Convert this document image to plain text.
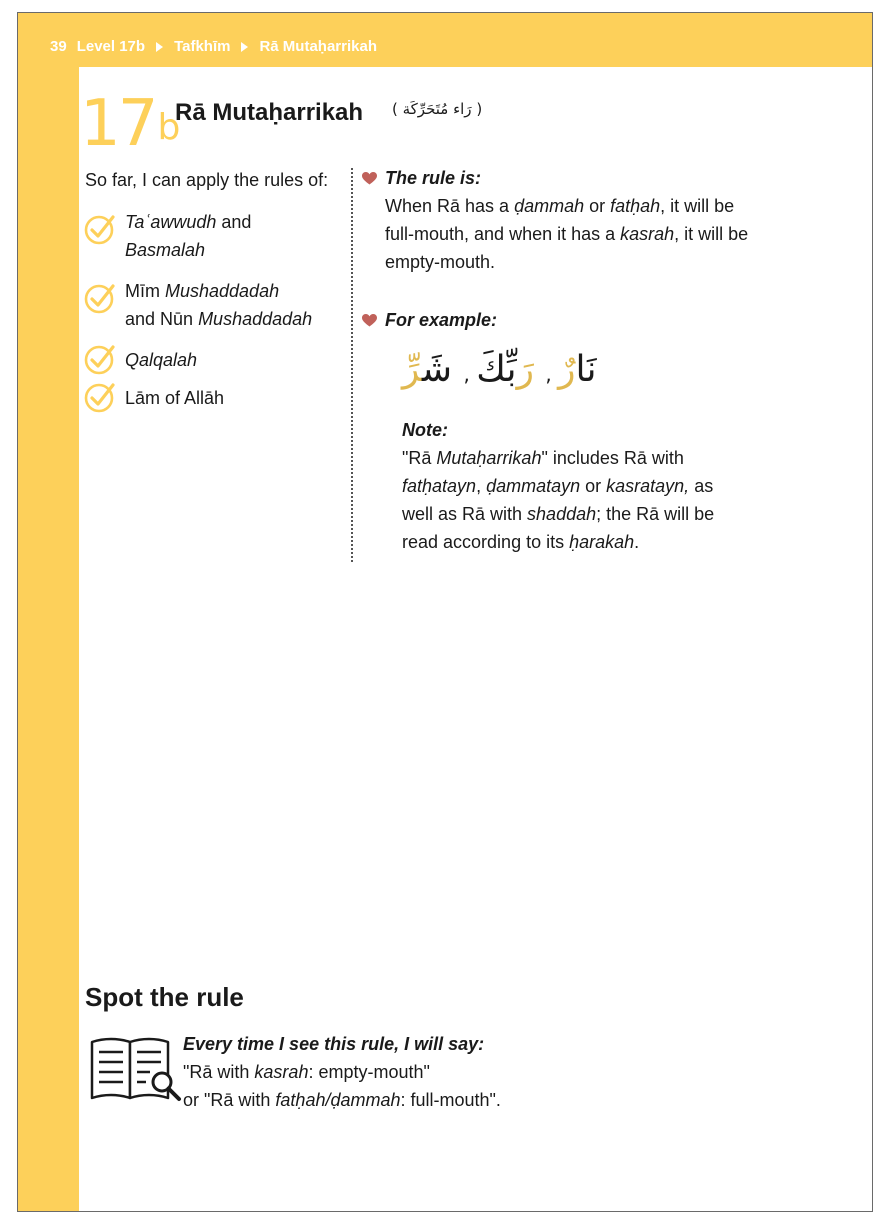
39 Level 17b Tafkhīm Rā Mutaḥarrikah
17$^b$
Rā Mutaḥarrikah ( رَاء مُتَحَرِّكَة )

So far, I can apply the rules of:

Taʿawwudh and
Basmalah
Mīm Mushaddadah
and Nūn Mushaddadah
Qalqalah
Lām of Allāh
The rule is:
When Rā has a ḍammah or fatḥah, it will be full-mouth, and when it has a kasrah, it will be empty-mouth.
For example:
نَارٌ , رَبِّكَ , شَرِّ
Note:
"Rā Mutaḥarrikah" includes Rā with fatḥatayn, ḍammatayn or kasratayn, as well as Rā with shaddah; the Rā will be read according to its ḥarakah.
Spot the rule
Every time I see this rule, I will say:
"Rā with kasrah: empty-mouth"
or "Rā with fatḥah/ḍammah: full-mouth".
